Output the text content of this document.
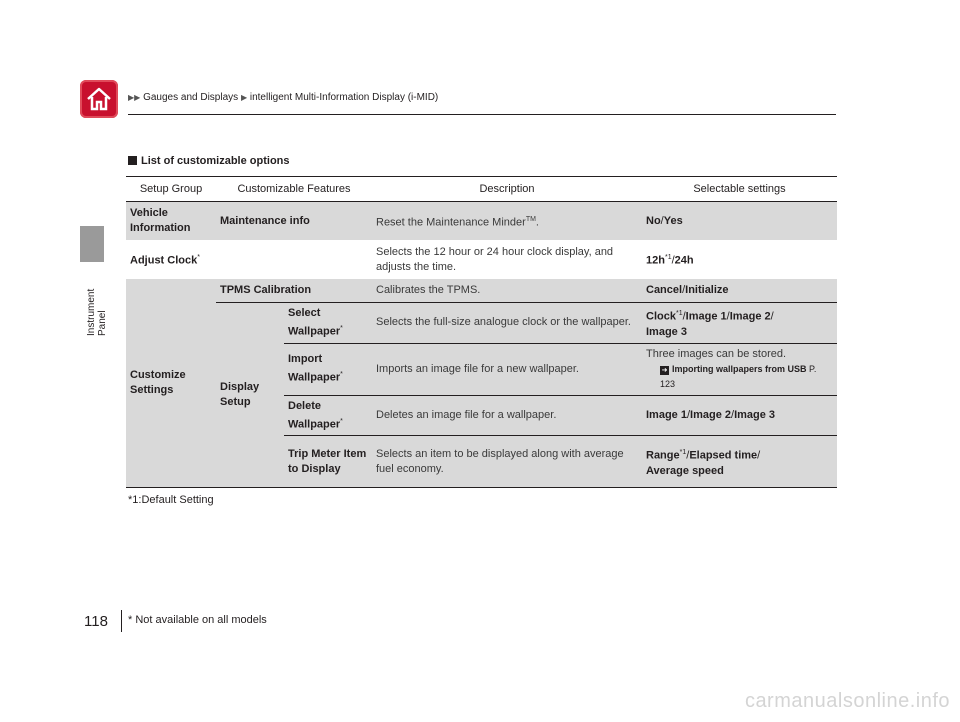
▶▶ Gauges and Displays ▶ intelligent Multi-Information Display (i-MID)
Instrument Panel
List of customizable options
Setup Group	Customizable Features		Description	Selectable settings
Vehicle Information	Maintenance info		Reset the Maintenance Minder™.	No/Yes
Adjust Clock*			Selects the 12 hour or 24 hour clock display, and adjusts the time.	$12h^{*1}/24h$
Customize Settings	TPMS Calibration		Calibrates the TPMS.	Cancel/Initialize
	Display Setup	Select Wallpaper*	Selects the full-size analogue clock or the wallpaper.	Clock$^{*1}$/Image 1/Image 2/
Image 3
		Import Wallpaper*	Imports an image file for a new wallpaper.	Three images can be stored.
➜ Importing wallpapers from USB P. 123

		Delete Wallpaper*	Deletes an image file for a wallpaper.	Image 1/Image 2/Image 3
		Trip Meter Item to Display	Selects an item to be displayed along with average fuel economy.	Range$^{*1}$/Elapsed time/
Average speed
*1:Default Setting
118 * Not available on all models
carmanualsonline.info
